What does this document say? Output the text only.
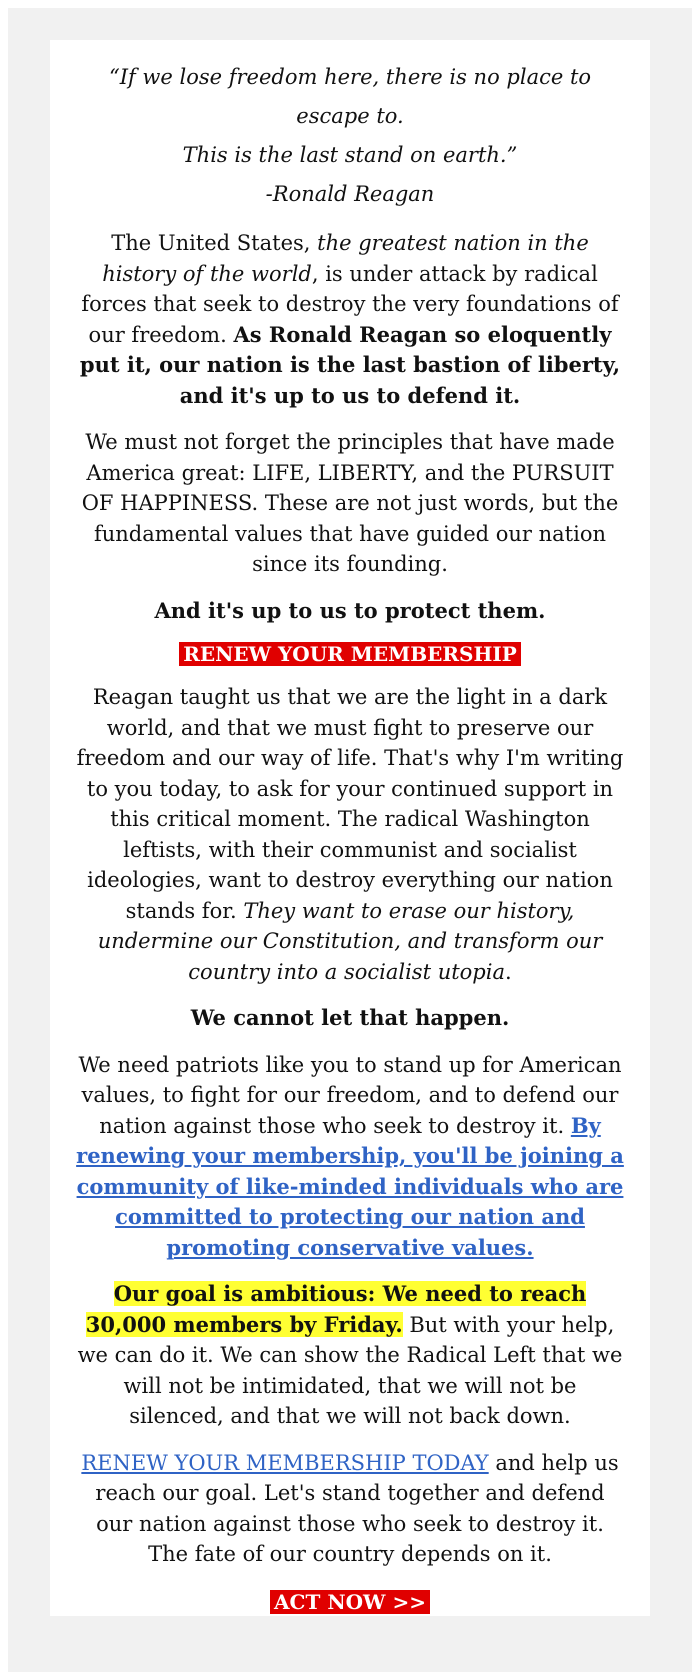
“If we lose freedom here, there is no place to escape to.

This is the last stand on earth.”

-Ronald Reagan

The United States, the greatest nation in the history of the world, is under attack by radical forces that seek to destroy the very foundations of our freedom. As Ronald Reagan so eloquently put it, our nation is the last bastion of liberty, and it's up to us to defend it.

We must not forget the principles that have made America great: LIFE, LIBERTY, and the PURSUIT OF HAPPINESS. These are not just words, but the fundamental values that have guided our nation since its founding.

And it's up to us to protect them.

RENEW YOUR MEMBERSHIP

Reagan taught us that we are the light in a dark world, and that we must fight to preserve our freedom and our way of life. That's why I'm writing to you today, to ask for your continued support in this critical moment. The radical Washington leftists, with their communist and socialist ideologies, want to destroy everything our nation stands for. They want to erase our history, undermine our Constitution, and transform our country into a socialist utopia.

We cannot let that happen.

We need patriots like you to stand up for American values, to fight for our freedom, and to defend our nation against those who seek to destroy it. By renewing your membership, you'll be joining a community of like-minded individuals who are committed to protecting our nation and promoting conservative values.

Our goal is ambitious: We need to reach 30,000 members by Friday. But with your help, we can do it. We can show the Radical Left that we will not be intimidated, that we will not be silenced, and that we will not back down.

RENEW YOUR MEMBERSHIP TODAY and help us reach our goal. Let's stand together and defend our nation against those who seek to destroy it. The fate of our country depends on it.

ACT NOW >>
